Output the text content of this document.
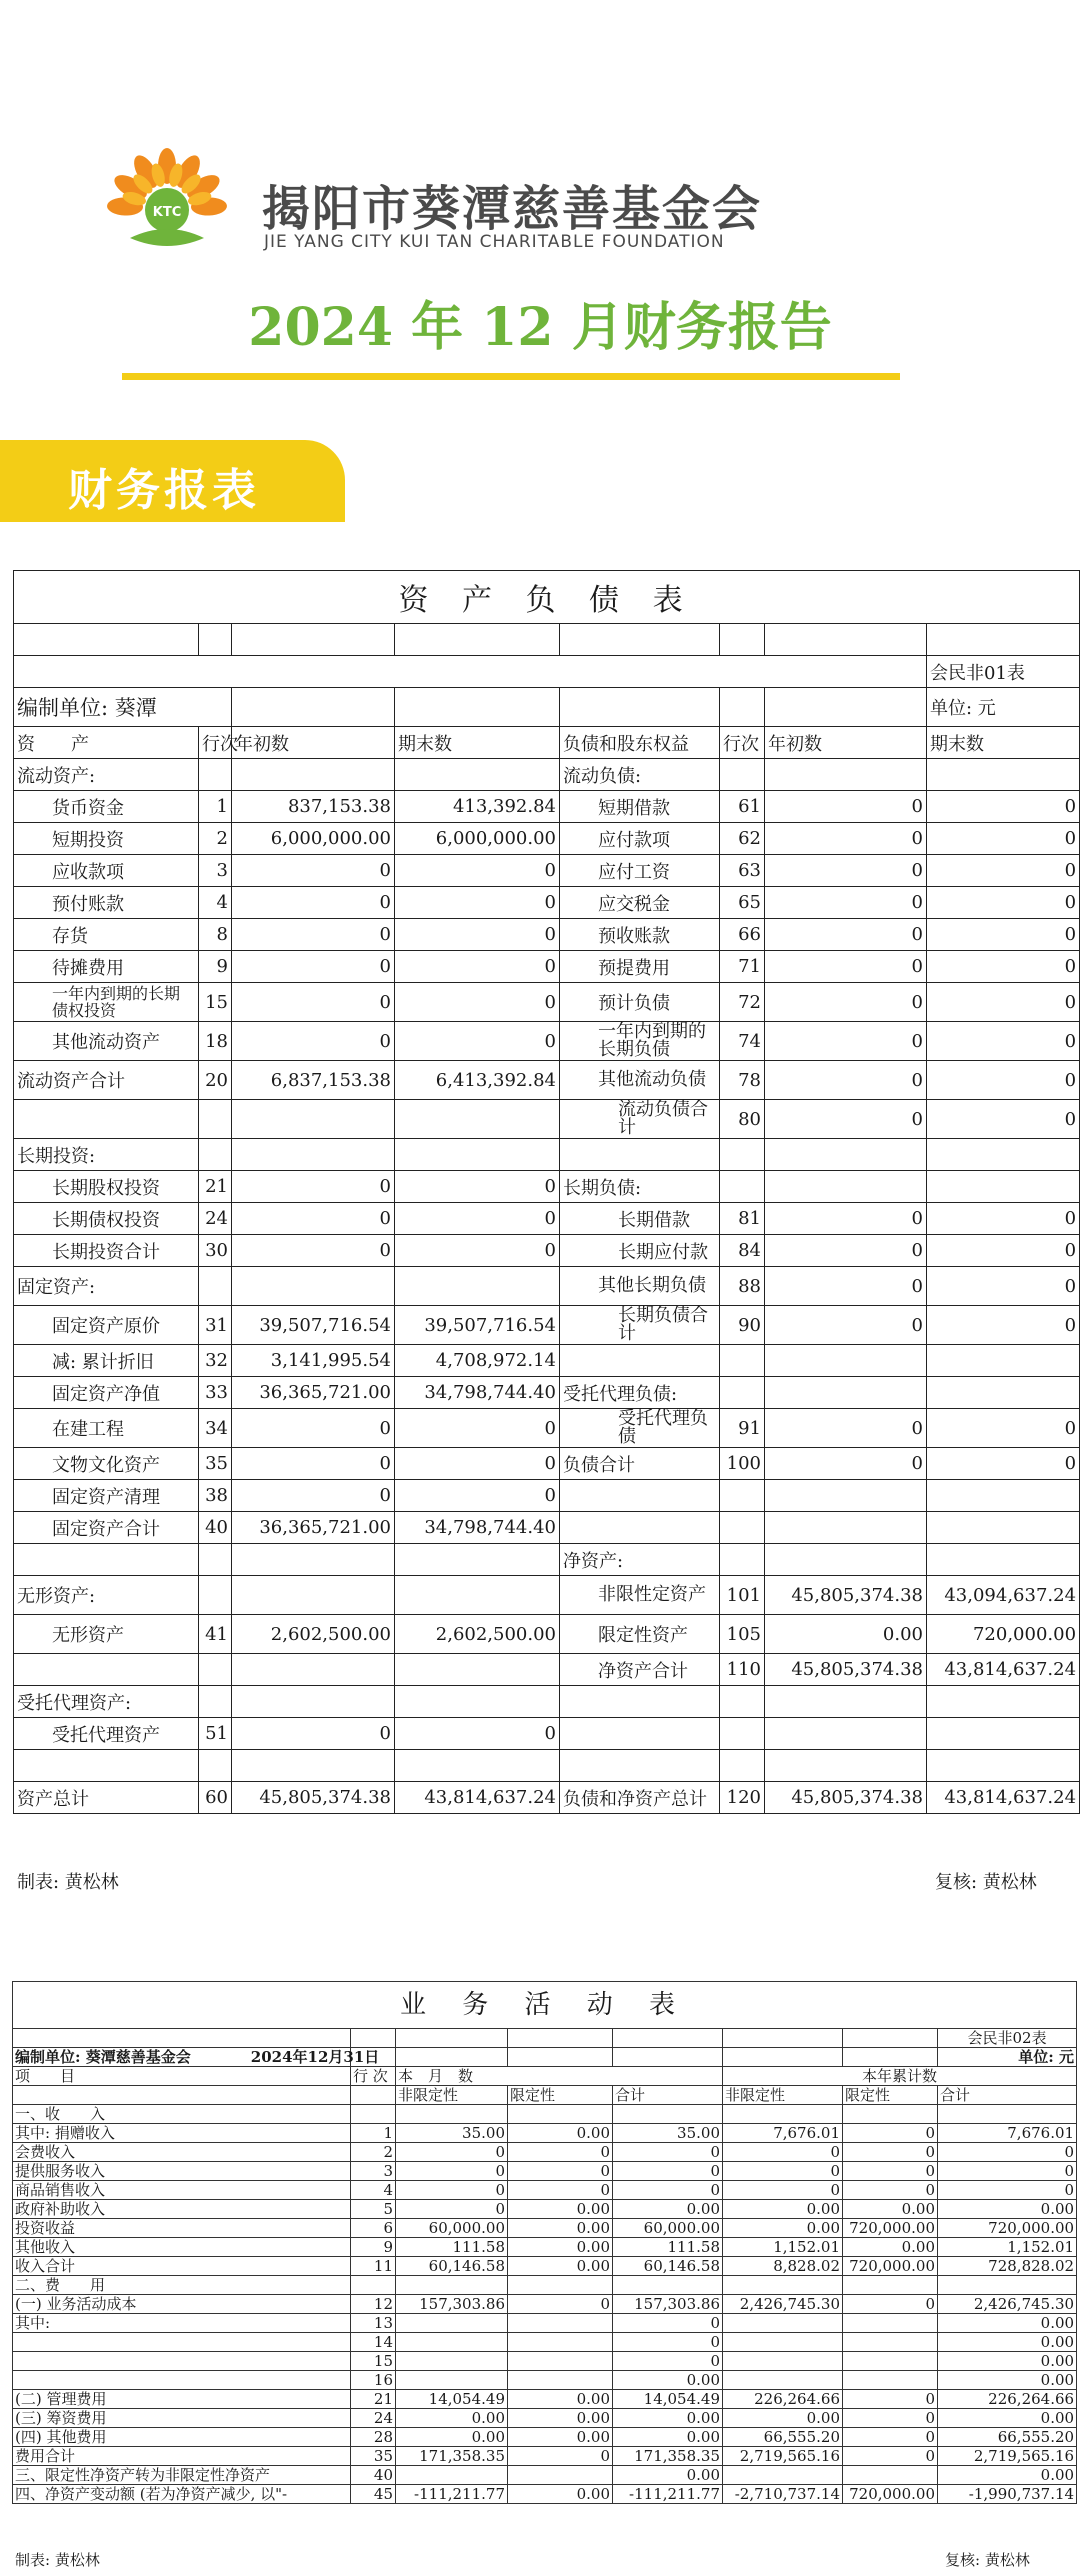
KTC 揭阳市葵潭慈善基金会
JIE YANG CITY KUI TAN CHARITABLE FOUNDATION
2024 年 12 月财务报告
财务报表
资 产 负 债 表							

							会民非01表
编制单位: 葵潭							单位: 元
资　　产	行次	年初数	期末数	负债和股东权益	行次	年初数	期末数
流动资产:				流动负债:			
货币资金	1	837,153.38	413,392.84	短期借款	61	0	0
短期投资	2	6,000,000.00	6,000,000.00	应付款项	62	0	0
应收款项	3	0	0	应付工资	63	0	0
预付账款	4	0	0	应交税金	65	0	0
存货	8	0	0	预收账款	66	0	0
待摊费用	9	0	0	预提费用	71	0	0
一年内到期的长期债权投资	15	0	0	预计负债	72	0	0
其他流动资产	18	0	0	一年内到期的长期负债	74	0	0
流动资产合计	20	6,837,153.38	6,413,392.84	其他流动负债	78	0	0
				流动负债合计	80	0	0
长期投资:							
长期股权投资	21	0	0	长期负债:			
长期债权投资	24	0	0	长期借款	81	0	0
长期投资合计	30	0	0	长期应付款	84	0	0
固定资产:				其他长期负债	88	0	0
固定资产原价	31	39,507,716.54	39,507,716.54	长期负债合计	90	0	0
减: 累计折旧	32	3,141,995.54	4,708,972.14				
固定资产净值	33	36,365,721.00	34,798,744.40	受托代理负债:			
在建工程	34	0	0	受托代理负债	91	0	0
文物文化资产	35	0	0	负债合计	100	0	0
固定资产清理	38	0	0				
固定资产合计	40	36,365,721.00	34,798,744.40				
				净资产:			
无形资产:				非限性定资产	101	45,805,374.38	43,094,637.24
无形资产	41	2,602,500.00	2,602,500.00	限定性资产	105	0.00	720,000.00
				净资产合计	110	45,805,374.38	43,814,637.24
受托代理资产:							
受托代理资产	51	0	0				

资产总计	60	45,805,374.38	43,814,637.24	负债和净资产总计	120	45,805,374.38	43,814,637.24
制表: 黄松林	复核: 黄松林
业 务 活 动 表							
							会民非02表
编制单位: 葵潭慈善基金会 2024年12月31日							单位: 元
项　　目	行 次	本　月　数			本年累计数		
		非限定性	限定性	合计	非限定性	限定性	合计
一、收　　入							
其中: 捐赠收入	1	35.00	0.00	35.00	7,676.01	0	7,676.01
会费收入	2	0	0	0	0	0	0
提供服务收入	3	0	0	0	0	0	0
商品销售收入	4	0	0	0	0	0	0
政府补助收入	5	0	0.00	0.00	0.00	0.00	0.00
投资收益	6	60,000.00	0.00	60,000.00	0.00	720,000.00	720,000.00
其他收入	9	111.58	0.00	111.58	1,152.01	0.00	1,152.01
收入合计	11	60,146.58	0.00	60,146.58	8,828.02	720,000.00	728,828.02
二、费　　用							
(一) 业务活动成本	12	157,303.86	0	157,303.86	2,426,745.30	0	2,426,745.30
其中:	13			0			0.00
	14			0			0.00
	15			0			0.00
	16			0.00			0.00
(二) 管理费用	21	14,054.49	0.00	14,054.49	226,264.66	0	226,264.66
(三) 筹资费用	24	0.00	0.00	0.00	0.00	0	0.00
(四) 其他费用	28	0.00	0.00	0.00	66,555.20	0	66,555.20
费用合计	35	171,358.35	0	171,358.35	2,719,565.16	0	2,719,565.16
三、限定性净资产转为非限定性净资产	40			0.00			0.00
四、净资产变动额 (若为净资产减少, 以"-	45	-111,211.77	0.00	-111,211.77	-2,710,737.14	720,000.00	-1,990,737.14
制表: 黄松林	复核: 黄松林
